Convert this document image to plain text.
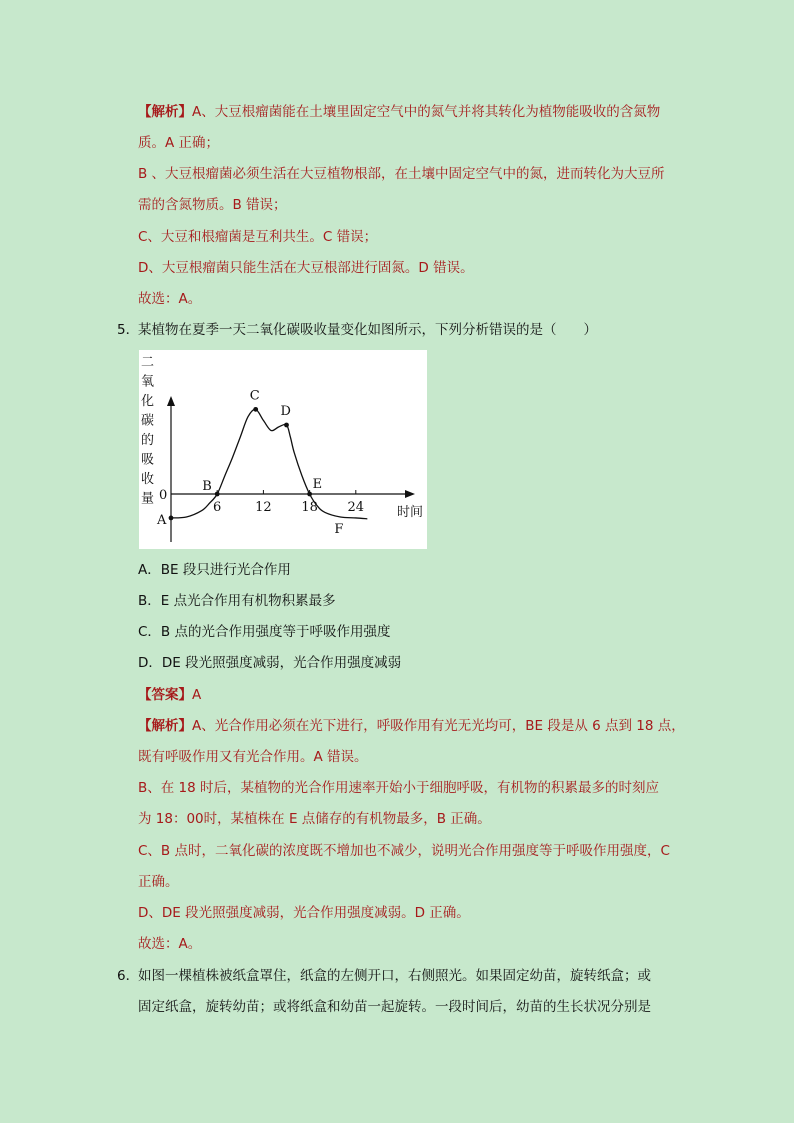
【解析】A、大豆根瘤菌能在土壤里固定空气中的氮气并将其转化为植物能吸收的含氮物

质。A 正确；

B 、大豆根瘤菌必须生活在大豆植物根部，在土壤中固定空气中的氮，进而转化为大豆所

需的含氮物质。B 错误；

C、大豆和根瘤菌是互利共生。C 错误；

D、大豆根瘤菌只能生活在大豆根部进行固氮。D 错误。

故选：A。

5．

某植物在夏季一天二氧化碳吸收量变化如图所示，下列分析错误的是（　　）

二
氧
化
碳
的
吸
收
量 0
时间
6	12 18 24
A
B
C
D
E
F

A．BE 段只进行光合作用

B．E 点光合作用有机物积累最多

C．B 点的光合作用强度等于呼吸作用强度

D．DE 段光照强度减弱，光合作用强度减弱

【答案】A

【解析】A、光合作用必须在光下进行，呼吸作用有光无光均可，BE 段是从 6 点到 18 点，

既有呼吸作用又有光合作用。A 错误。

B、在 18 时后，某植物的光合作用速率开始小于细胞呼吸，有机物的积累最多的时刻应

为 18：00时，某植株在 E 点储存的有机物最多，B 正确。

C、B 点时，二氧化碳的浓度既不增加也不减少，说明光合作用强度等于呼吸作用强度，C

正确。

D、DE 段光照强度减弱，光合作用强度减弱。D 正确。

故选：A。

6．

如图一棵植株被纸盒罩住，纸盒的左侧开口，右侧照光。如果固定幼苗，旋转纸盒；或

固定纸盒，旋转幼苗；或将纸盒和幼苗一起旋转。一段时间后，幼苗的生长状况分别是
